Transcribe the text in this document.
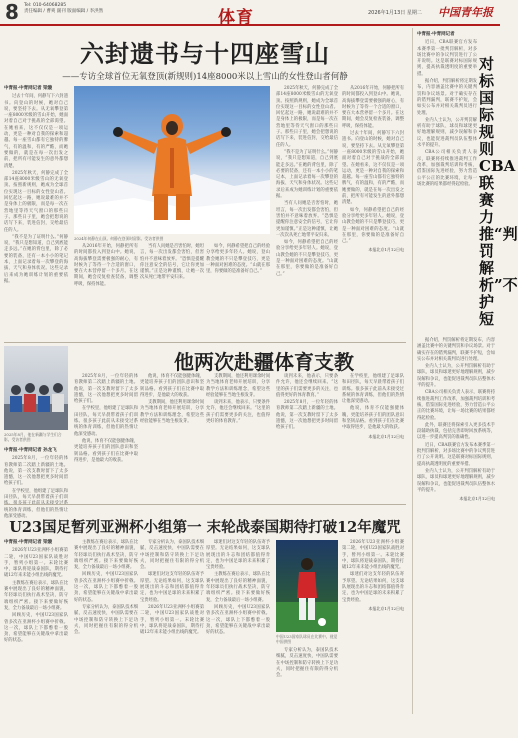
8 Tel: 010-64068285
责任编辑 / 曹爽 副刊 版面编辑 / 李洪然	体育	2026年1月13日 星期二 中国青年报
六封遗书与十四座雪山
——专访全球首位无氧登顶(新规则)14座8000米以上雪山的女性登山者何静
中青报·中青网记者 梁璇

过去十年间，何静写下六封遗书。向登山的时候，她对自己说，要坚持下去。从无氧攀登第一座8000米级的雪山开始，她面对着自己对于挑战的全部渴望。在她看来，这不仅仅是一项运动，更是一种对自我的探索和超越。每一座雪山都有它独特的脾气，有的温和，有的严酷，而她要做的，就是在每一次出发之前，把所有可能发生的意外都想清楚。

2025年秋天，何静完成了全部14座8000米级雪山的无氧登顶。按照新规则，她成为全球首位实现这一目标的女性登山者。回忆起这一路，她说最难的并不是身体上的极限，而是每一次在营地里等待天气窗口的那些日子。那些日子里，她会把想说的话写下来，装进信封，交给最信任的人。

“我不是为了证明什么。”何静说，“我只是想知道，自己到底能走多远。”在她的背包里，除了必要的装备，还有一本小小的笔记本，上面记录着每一次攀登的海拔、天气和身体状况。这些记录后来成为她训练计划的重要依据。

2024年何静在山顶。何静在登顶时留影。受访者供图

从2016年开始，何静把所有的时间都投入到登山中。她说，高海拔攀登需要极强的耐心，有时候为了等待一个合适的窗口，要在大本营停留一个多月。在这期间，她会反复检查装备，调整呼吸，保持体能。

当有人问她是否害怕时，她坦言，每一次出发都会害怕，但害怕并不意味着放弃。“恐惧是提醒你注意安全的信号，它让你更加谨慎。”正是这种谨慎，让她一次次从死亡地带平安归来。

如今，何静希望把自己的经验分享给更多年轻人。她说，登山教会她的不只是攀登技巧，更是一种面对困难的态度。“山就在那里，你要做的是准备好自己。”

2025年秋天，何静完成了全部14座8000米级雪山的无氧登顶。按照新规则，她成为全球首位实现这一目标的女性登山者。回忆起这一路，她说最难的并不是身体上的极限，而是每一次在营地里等待天气窗口的那些日子。那些日子里，她会把想说的话写下来，装进信封，交给最信任的人。

“我不是为了证明什么。”何静说，“我只是想知道，自己到底能走多远。”在她的背包里，除了必要的装备，还有一本小小的笔记本，上面记录着每一次攀登的海拔、天气和身体状况。这些记录后来成为她训练计划的重要依据。

当有人问她是否害怕时，她坦言，每一次出发都会害怕，但害怕并不意味着放弃。“恐惧是提醒你注意安全的信号，它让你更加谨慎。”正是这种谨慎，让她一次次从死亡地带平安归来。

如今，何静希望把自己的经验分享给更多年轻人。她说，登山教会她的不只是攀登技巧，更是一种面对困难的态度。“山就在那里，你要做的是准备好自己。”

从2016年开始，何静把所有的时间都投入到登山中。她说，高海拔攀登需要极强的耐心，有时候为了等待一个合适的窗口，要在大本营停留一个多月。在这期间，她会反复检查装备，调整呼吸，保持体能。

过去十年间，何静写下六封遗书。向登山的时候，她对自己说，要坚持下去。从无氧攀登第一座8000米级的雪山开始，她面对着自己对于挑战的全部渴望。在她看来，这不仅仅是一项运动，更是一种对自我的探索和超越。每一座雪山都有它独特的脾气，有的温和，有的严酷，而她要做的，就是在每一次出发之前，把所有可能发生的意外都想清楚。

如今，何静希望把自己的经验分享给更多年轻人。她说，登山教会她的不只是攀登技巧，更是一种面对困难的态度。“山就在那里，你要做的是准备好自己。”

本报北京1月12日电
他两次赴疆体育支教
2025年8月，他在新疆与学生们合影。受访者供图
中青报·中青网记者 孙龙飞

2025年8月，一位年轻的体育教师第二次踏上新疆的土地。他说，第一次支教时留下了太多遗憾，这一次他想把更多时间留给孩子们。

在学校里，他组建了足球队和田径队，每天早晨带着孩子们训 统的体育训练，但他们的热情让他深受感动。

2025年8月，一位年轻的体育教师第二次踏上新疆的土地。他说，第一次支教时留下了太多遗憾，这一次他想把更多时间留给孩子们。

在学校里，他组建了足球队和田径队，每天早晨带着孩子们训练。很多孩子此前从未接受过系统的体育训练，但他们的热情让他深受感动。

他说，体育不仅能强健体魄，更能培养孩子们的团队意识和坚韧品格。看到孩子们在比赛中取得进步，是他最大的收获。

他说，体育不仅能强健体魄，更能培养孩子们的团队意识和坚韧品格。看到孩子们在比赛中取得进步，是他最大的收获。

支教期间，他还利用课余时间为当地体育老师开展培训，分享教学方法和训练理念，希望这些经验能够在当地生根发芽。

支教期间，他还利用课余时间为当地体育老师开展培训，分享教学方法和训练理念，希望这些经验能够在当地生根发芽。

谈到未来，他表示，只要条件允许，他还会继续回来。“这里的孩子们需要更多的关注，也值得更好的体育教育。”

谈到未来，他表示，只要条件允许，他还会继续回来。“这里的孩子们需要更多的关注，也值得更好的体育教育。”

2025年8月，一位年轻的体育教师第二次踏上新疆的土地。他说，第一次支教时留下了太多遗憾，这一次他想把更多时间留给孩子们。

在学校里，他组建了足球队和田径队，每天早晨带着孩子们训练。很多孩子此前从未接受过系统的体育训练，但他们的热情让他深受感动。

他说，体育不仅能强健体魄，更能培养孩子们的团队意识和坚韧品格。看到孩子们在比赛中取得进步，是他最大的收获。

本报北京1月12日电
U23国足暂列亚洲杯小组第一 末轮战泰国期待打破12年魔咒
中青报·中青网记者 梁璇

2026年U23亚洲杯小组赛第二轮，中国U23国家队战胜对手，暂列小组第一。末轮比赛中，球队将迎战泰国队，期待打破12年来未能小组出线的魔咒。

主教练在赛后表示，球队在比赛中展现出了良好的精神面貌，年轻球员们执行战术坚决，防守端组织严密。接下来要做好恢复，全力备战最后一场小组赛。

回顾历史，中国U23国家队曾多次在亚洲杯小组赛中折戟。这一次，球队上下都憋着一股劲，希望能够在关键战中拿出最好的状态。

主教练在赛后表示，球队在比赛中展现出了良好的精神面貌，年轻球员们执行战术坚决，防守端组织严密。接下来要做好恢复，全力备战最后一场小组赛。

回顾历史，中国U23国家队曾多次在亚洲杯小组赛中折戟。这一次，球队上下都憋着一股劲，希望能够在关键战中拿出最好的状态。

专家分析认为，泰国队技术细腻，反击速度快，中国队需要在中场控制和防守转换上下足功夫，同时把握住有限的得分机会。

专家分析认为，泰国队技术细腻，反击速度快，中国队需要在中场控制和防守转换上下足功夫，同时把握住有限的得分机会。

球迷们对这支年轻的队伍寄予厚望。无论结果如何，这支球队展现出的斗志和团结都值得肯定，也为中国足球的未来积累了宝贵经验。

2026年U23亚洲杯小组赛第二轮，中国U23国家队战胜对手，暂列小组第一。末轮比赛中，球队将迎战泰国队，期待打破12年来未能小组出线的魔咒。

球迷们对这支年轻的队伍寄予厚望。无论结果如何，这支球队展现出的斗志和团结都值得肯定，也为中国足球的未来积累了宝贵经验。

主教练在赛后表示，球队在比赛中展现出了良好的精神面貌，年轻球员们执行战术坚决，防守端组织严密。接下来要做好恢复，全力备战最后一场小组赛。

回顾历史，中国U23国家队曾多次在亚洲杯小组赛中折戟。这一次，球队上下都憋着一股劲，希望能够在关键战中拿出最好的状态。

中国U23国家队球员在比赛中。视觉中国供图

专家分析认为，泰国队技术细腻，反击速度快，中国队需要在中场控制和防守转换上下足功夫，同时把握住有限的得分机会。

2026年U23亚洲杯小组赛第二轮，中国U23国家队战胜对手，暂列小组第一。末轮比赛中，球队将迎战泰国队，期待打破12年来未能小组出线的魔咒。

球迷们对这支年轻的队伍寄予厚望。无论结果如何，这支球队展现出的斗志和团结都值得肯定，也为中国足球的未来积累了宝贵经验。

本报北京1月12日电
对标国际规则CBA联赛力推“判罚解析”不护短
中青报·中青网记者

近日，CBA联赛官方发布本赛季第一批判罚解析，对多场比赛中的争议判罚进行了公开说明。这是联赛对标国际规则、提高执裁透明度的重要举措。

据介绍，判罚解析将定期发布，内容涵盖比赛中的关键判罚和争议场景。对于确实存在的错判漏判，联赛不护短，会如实公布并对相关裁判员进行处理。

业内人士认为，公开判罚解析有助于球队、球员和球迷更好地理解规则，减少误解和争议，也能促进裁判员队伍整体水平的提升。

CBA公司相关负责人表示，联赛将持续推进裁判工作改革，加强裁判培训和考核，借鉴国际先进经验，努力营造公平公正的比赛环境，让每一场比赛的结果都经得起检验。

据介绍，判罚解析将定期发布，内容涵盖比赛中的关键判罚和争议场景。对于确实存在的错判漏判，联赛不护短，会如实公布并对相关裁判员进行处理。

业内人士认为，公开判罚解析有助于球队、球员和球迷更好地理解规则，减少误解和争议，也能促进裁判员队伍整体水平的提升。

CBA公司相关负责人表示，联赛将持续推进裁判工作改革，加强裁判培训和考核，借鉴国际先进经验，努力营造公平公正的比赛环境，让每一场比赛的结果都经得起检验。

此外，联赛还将探索引入更多技术手段辅助执裁，包括完善即时回放系统等，以进一步提高判罚的准确性。

近日，CBA联赛官方发布本赛季第一批判罚解析，对多场比赛中的争议判罚进行了公开说明。这是联赛对标国际规则、提高执裁透明度的重要举措。

业内人士认为，公开判罚解析有助于球队、球员和球迷更好地理解规则，减少误解和争议，也能促进裁判员队伍整体水平的提升。

本报北京1月12日电
